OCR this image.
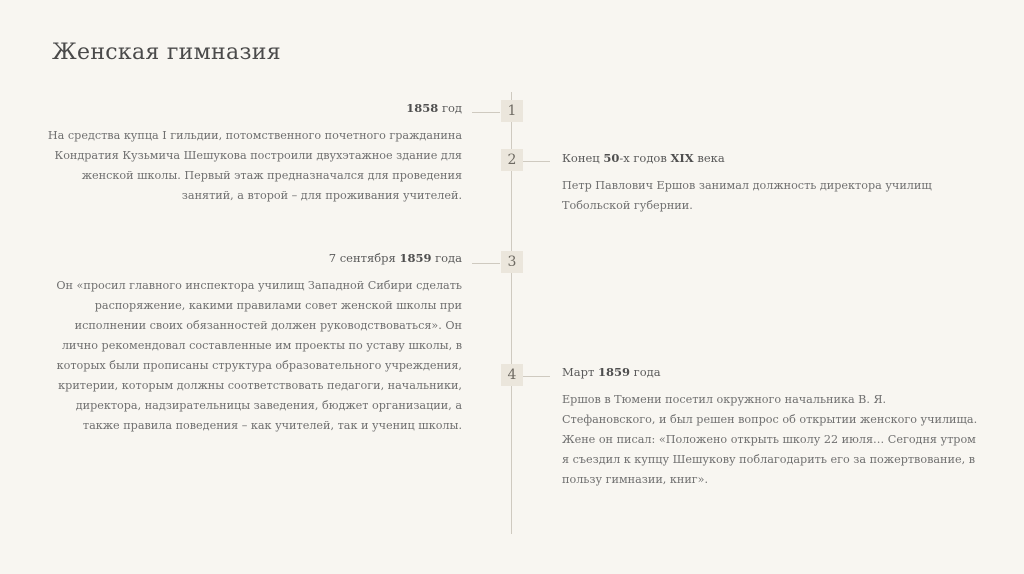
Женская гимназия
1
1858 год
На средства купца I гильдии, потомственного почетного гражданина Кондратия Кузьмича Шешукова построили двухэтажное здание для женской школы. Первый этаж предназначался для проведения занятий, а второй – для проживания учителей.
2	Конец 50-х годов XIX века
Петр Павлович Ершов занимал должность директора училищ Тобольской губернии.
3
7 сентября 1859 года
Он «просил главного инспектора училищ Западной Сибири сделать распоряжение, какими правилами совет женской школы при исполнении своих обязанностей должен руководствоваться». Он лично рекомендовал составленные им проекты по уставу школы, в которых были прописаны структура образовательного учреждения, критерии, которым должны соответствовать педагоги, начальники, директора, надзирательницы заведения, бюджет организации, а также правила поведения – как учителей, так и учениц школы.
4	Март 1859 года
Ершов в Тюмени посетил окружного начальника В. Я. Стефановского, и был решен вопрос об открытии женского училища. Жене он писал: «Положено открыть школу 22 июля… Сегодня утром я съездил к купцу Шешукову поблагодарить его за пожертвование, в пользу гимназии, книг».
